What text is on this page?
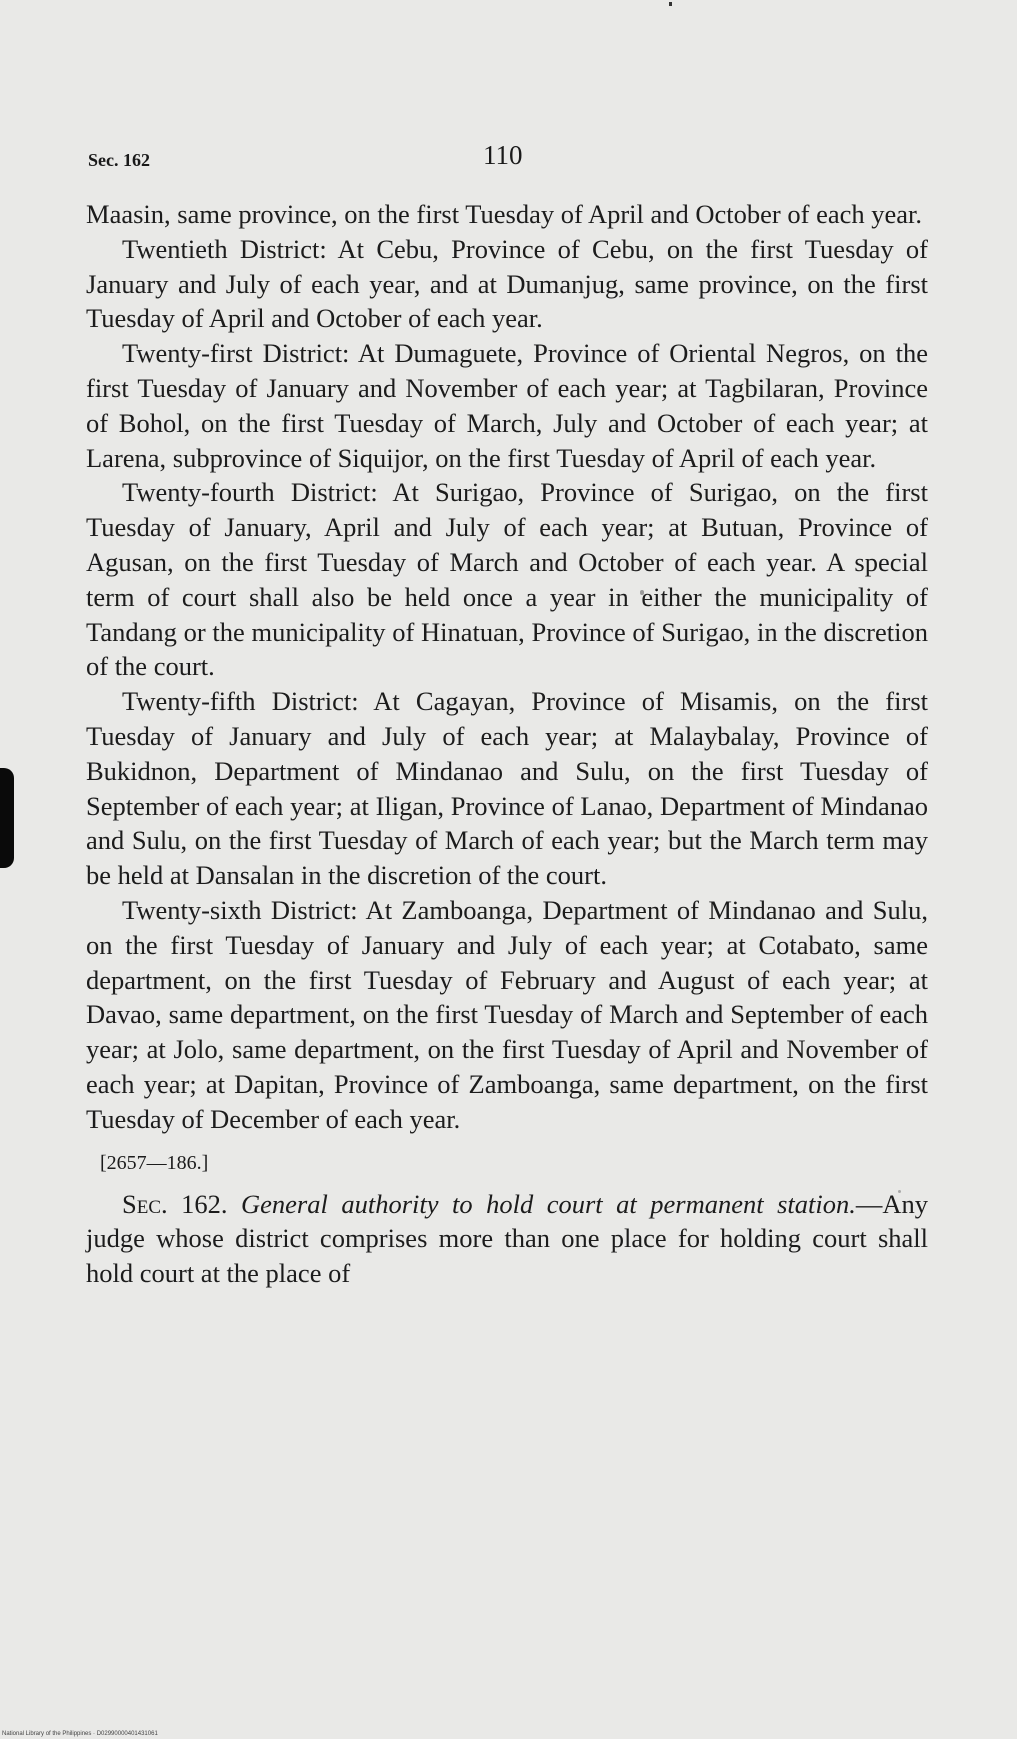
Sec. 162	110

Maasin, same province, on the first Tuesday of April and October of each year.

Twentieth District: At Cebu, Province of Cebu, on the first Tuesday of January and July of each year, and at Dumanjug, same province, on the first Tuesday of April and October of each year.

Twenty-first District: At Dumaguete, Province of Oriental Negros, on the first Tuesday of January and November of each year; at Tagbilaran, Province of Bohol, on the first Tuesday of March, July and October of each year; at Larena, subprovince of Siquijor, on the first Tuesday of April of each year.

Twenty-fourth District: At Surigao, Province of Surigao, on the first Tuesday of January, April and July of each year; at Butuan, Province of Agusan, on the first Tuesday of March and October of each year. A special term of court shall also be held once a year in either the municipality of Tandang or the municipality of Hinatuan, Province of Surigao, in the discretion of the court.

Twenty-fifth District: At Cagayan, Province of Misamis, on the first Tuesday of January and July of each year; at Malaybalay, Province of Bukidnon, Department of Mindanao and Sulu, on the first Tuesday of September of each year; at Iligan, Province of Lanao, Department of Mindanao and Sulu, on the first Tuesday of March of each year; but the March term may be held at Dansalan in the discretion of the court.

Twenty-sixth District: At Zamboanga, Department of Mindanao and Sulu, on the first Tuesday of January and July of each year; at Cotabato, same department, on the first Tuesday of February and August of each year; at Davao, same department, on the first Tuesday of March and September of each year; at Jolo, same department, on the first Tuesday of April and November of each year; at Dapitan, Province of Zamboanga, same department, on the first Tuesday of December of each year.

[2657—186.]

Sec. 162. General authority to hold court at permanent station.—Any judge whose district comprises more than one place for holding court shall hold court at the place of

National Library of the Philippines · D02990000401431061
